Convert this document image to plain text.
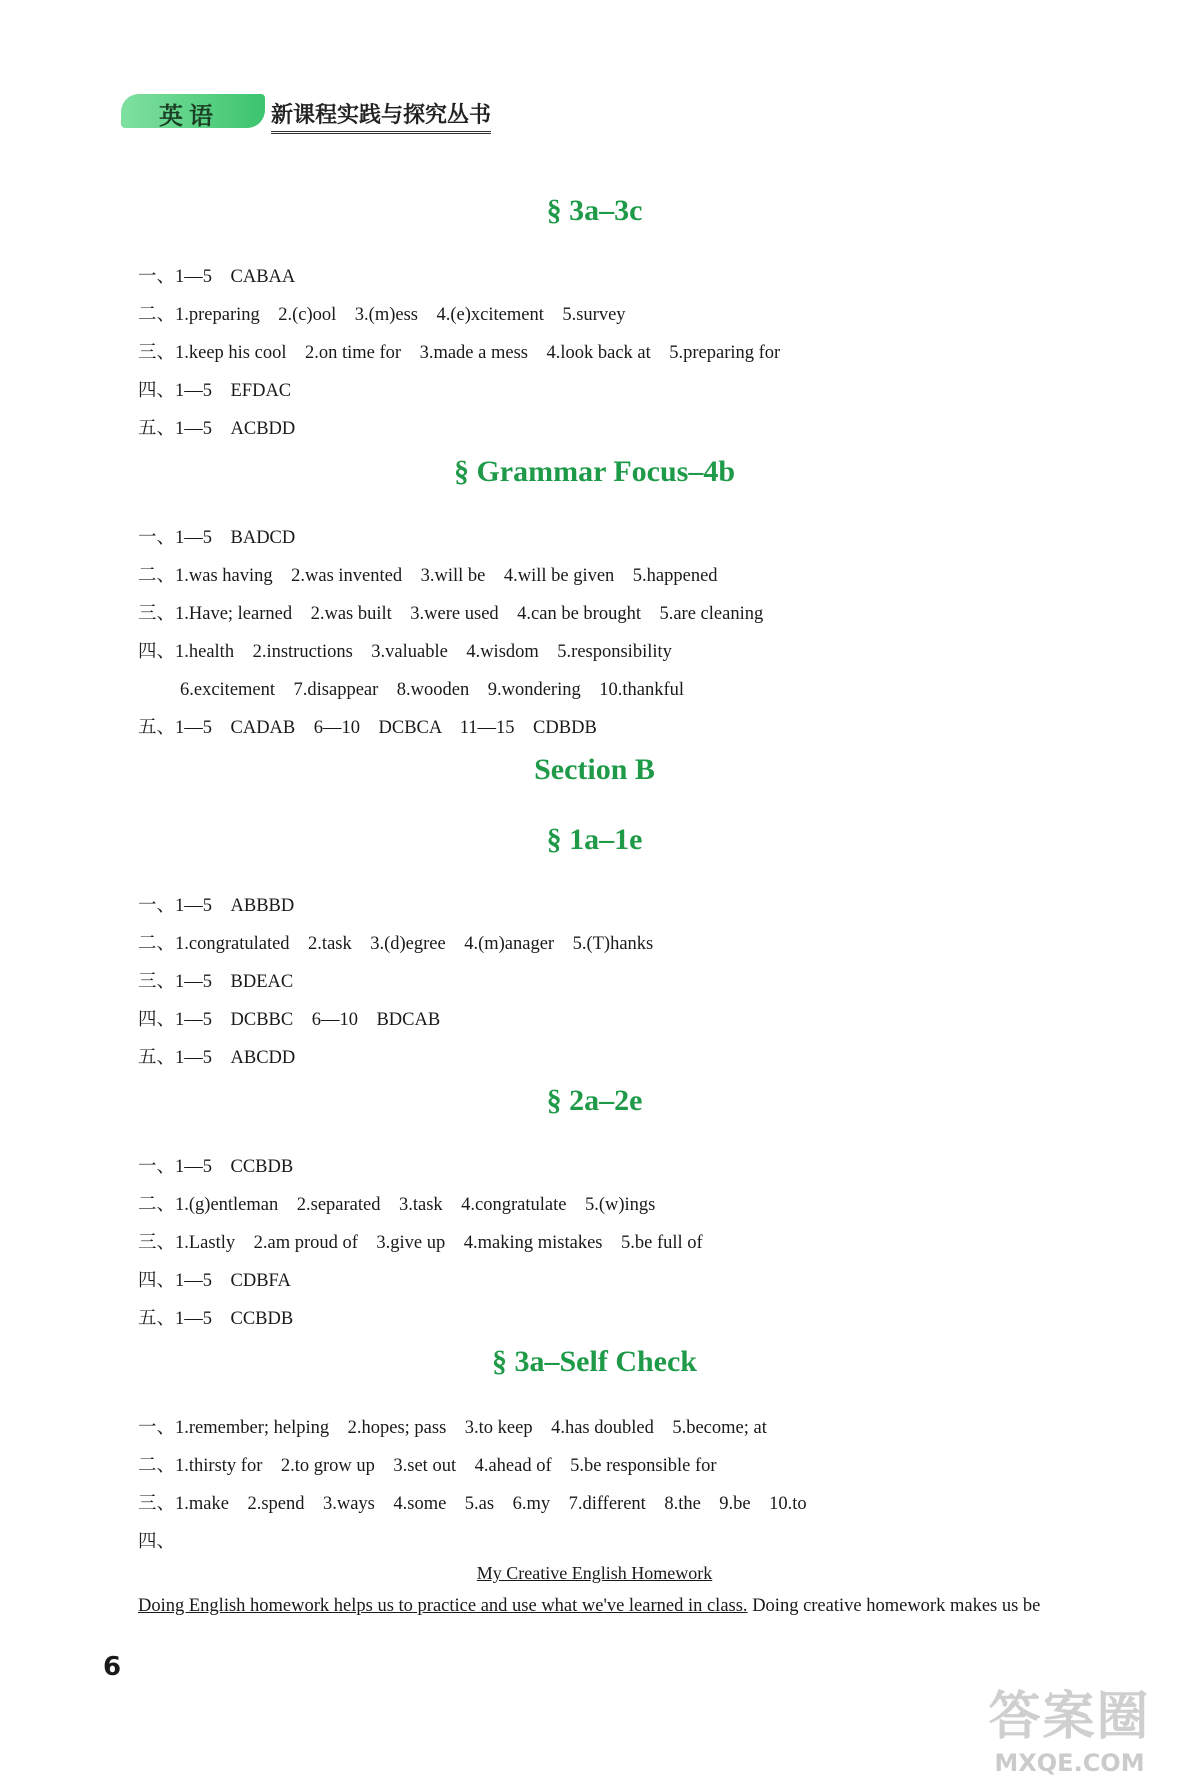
英语 新课程实践与探究丛书
§ 3a–3c
一、1—5　CABAA
二、1.preparing　2.(c)ool　3.(m)ess　4.(e)xcitement　5.survey
三、1.keep his cool　2.on time for　3.made a mess　4.look back at　5.preparing for
四、1—5　EFDAC
五、1—5　ACBDD
§ Grammar Focus–4b
一、1—5　BADCD
二、1.was having　2.was invented　3.will be　4.will be given　5.happened
三、1.Have; learned　2.was built　3.were used　4.can be brought　5.are cleaning
四、1.health　2.instructions　3.valuable　4.wisdom　5.responsibility
6.excitement　7.disappear　8.wooden　9.wondering　10.thankful
五、1—5　CADAB　6—10　DCBCA　11—15　CDBDB
Section B
§ 1a–1e
一、1—5　ABBBD
二、1.congratulated　2.task　3.(d)egree　4.(m)anager　5.(T)hanks
三、1—5　BDEAC
四、1—5　DCBBC　6—10　BDCAB
五、1—5　ABCDD
§ 2a–2e
一、1—5　CCBDB
二、1.(g)entleman　2.separated　3.task　4.congratulate　5.(w)ings
三、1.Lastly　2.am proud of　3.give up　4.making mistakes　5.be full of
四、1—5　CDBFA
五、1—5　CCBDB
§ 3a–Self Check
一、1.remember; helping　2.hopes; pass　3.to keep　4.has doubled　5.become; at
二、1.thirsty for　2.to grow up　3.set out　4.ahead of　5.be responsible for
三、1.make　2.spend　3.ways　4.some　5.as　6.my　7.different　8.the　9.be　10.to
四、
My Creative English Homework
Doing English homework helps us to practice and use what we've learned in class. Doing creative homework makes us be
6
答案圈
MXQE.COM
